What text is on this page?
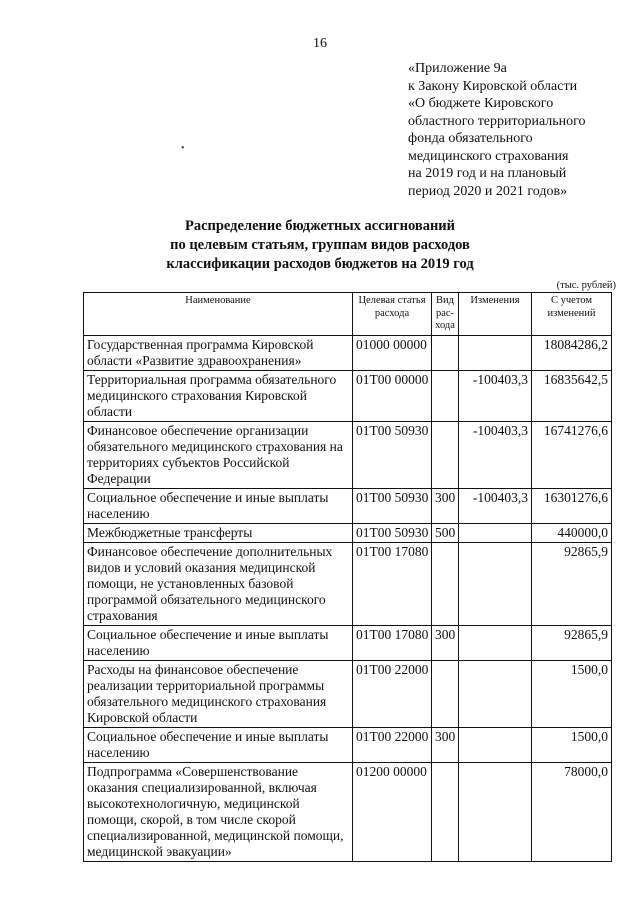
16
•
«Приложение 9а
к Закону Кировской области
«О бюджете Кировского
областного территориального
фонда обязательного
медицинского страхования
на 2019 год и на плановый
период 2020 и 2021 годов»
Распределение бюджетных ассигнований
по целевым статьям, группам видов расходов
классификации расходов бюджетов на 2019 год
(тыс. рублей)
Наименование	Целевая статья расхода	Вид рас-хода	Изменения	С учетом изменений
Государственная программа Кировской области «Развитие здравоохранения»	01000 00000			18084286,2
Территориальная программа обязательного медицинского страхования Кировской области	01Т00 00000		-100403,3	16835642,5
Финансовое обеспечение организации обязательного медицинского страхования на территориях субъектов Российской Федерации	01Т00 50930		-100403,3	16741276,6
Социальное обеспечение и иные выплаты населению	01Т00 50930	300	-100403,3	16301276,6
Межбюджетные трансферты	01Т00 50930	500		440000,0
Финансовое обеспечение дополнительных видов и условий оказания медицинской помощи, не установленных базовой программой обязательного медицинского страхования	01Т00 17080			92865,9
Социальное обеспечение и иные выплаты населению	01Т00 17080	300		92865,9
Расходы на финансовое обеспечение реализации территориальной программы обязательного медицинского страхования Кировской области	01Т00 22000			1500,0
Социальное обеспечение и иные выплаты населению	01Т00 22000	300		1500,0
Подпрограмма «Совершенствование оказания специализированной, включая высокотехнологичную, медицинской помощи, скорой, в том числе скорой специализированной, медицинской помощи, медицинской эвакуации»	01200 00000			78000,0
